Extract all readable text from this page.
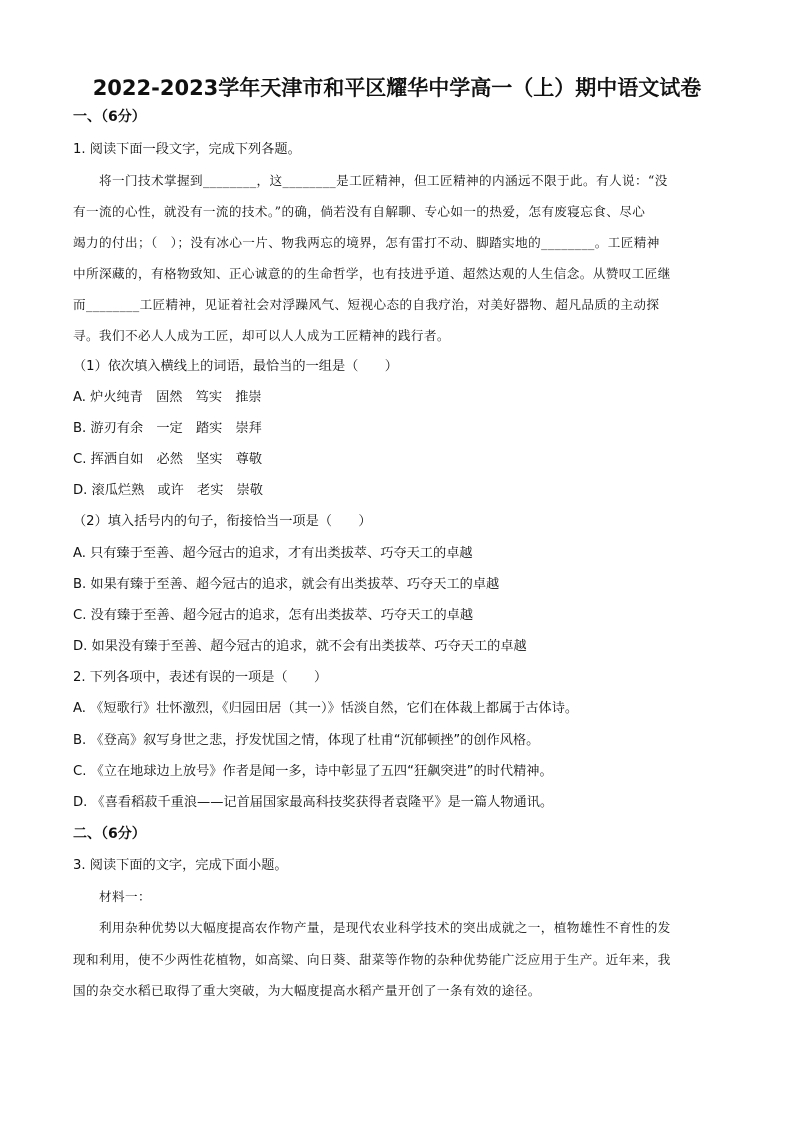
2022-2023学年天津市和平区耀华中学高一（上）期中语文试卷
一、（6分）
1. 阅读下面一段文字，完成下列各题。
将一门技术掌握到________，这________是工匠精神，但工匠精神的内涵远不限于此。有人说：“没
有一流的心性，就没有一流的技术。”的确，倘若没有自解聊、专心如一的热爱，怎有废寝忘食、尽心
竭力的付出；（　）；没有冰心一片、物我两忘的境界，怎有雷打不动、脚踏实地的________。工匠精神
中所深藏的，有格物致知、正心诚意的的生命哲学，也有技进乎道、超然达观的人生信念。从赞叹工匠继
而________工匠精神，见证着社会对浮躁风气、短视心态的自我疗治，对美好器物、超凡品质的主动探
寻。我们不必人人成为工匠，却可以人人成为工匠精神的践行者。
（1）依次填入横线上的词语，最恰当的一组是（　　）
A. 炉火纯青　固然　笃实　推崇
B. 游刃有余　一定　踏实　崇拜
C. 挥洒自如　必然　坚实　尊敬
D. 滚瓜烂熟　或许　老实　崇敬
（2）填入括号内的句子，衔接恰当一项是（　　）
A. 只有臻于至善、超今冠古的追求，才有出类拔萃、巧夺天工的卓越
B. 如果有臻于至善、超今冠古的追求，就会有出类拔萃、巧夺天工的卓越
C. 没有臻于至善、超今冠古的追求，怎有出类拔萃、巧夺天工的卓越
D. 如果没有臻于至善、超今冠古的追求，就不会有出类拔萃、巧夺天工的卓越
2. 下列各项中，表述有误的一项是（　　）
A. 《短歌行》壮怀激烈，《归园田居（其一）》恬淡自然，它们在体裁上都属于古体诗。
B. 《登高》叙写身世之悲，抒发忧国之情，体现了杜甫“沉郁顿挫”的创作风格。
C. 《立在地球边上放号》作者是闻一多，诗中彰显了五四“狂飙突进”的时代精神。
D. 《喜看稻菽千重浪——记首届国家最高科技奖获得者袁隆平》是一篇人物通讯。
二、（6分）
3. 阅读下面的文字，完成下面小题。
材料一：
利用杂种优势以大幅度提高农作物产量，是现代农业科学技术的突出成就之一，植物雄性不育性的发
现和利用，使不少两性花植物，如高粱、向日葵、甜菜等作物的杂种优势能广泛应用于生产。近年来，我
国的杂交水稻已取得了重大突破，为大幅度提高水稻产量开创了一条有效的途径。
